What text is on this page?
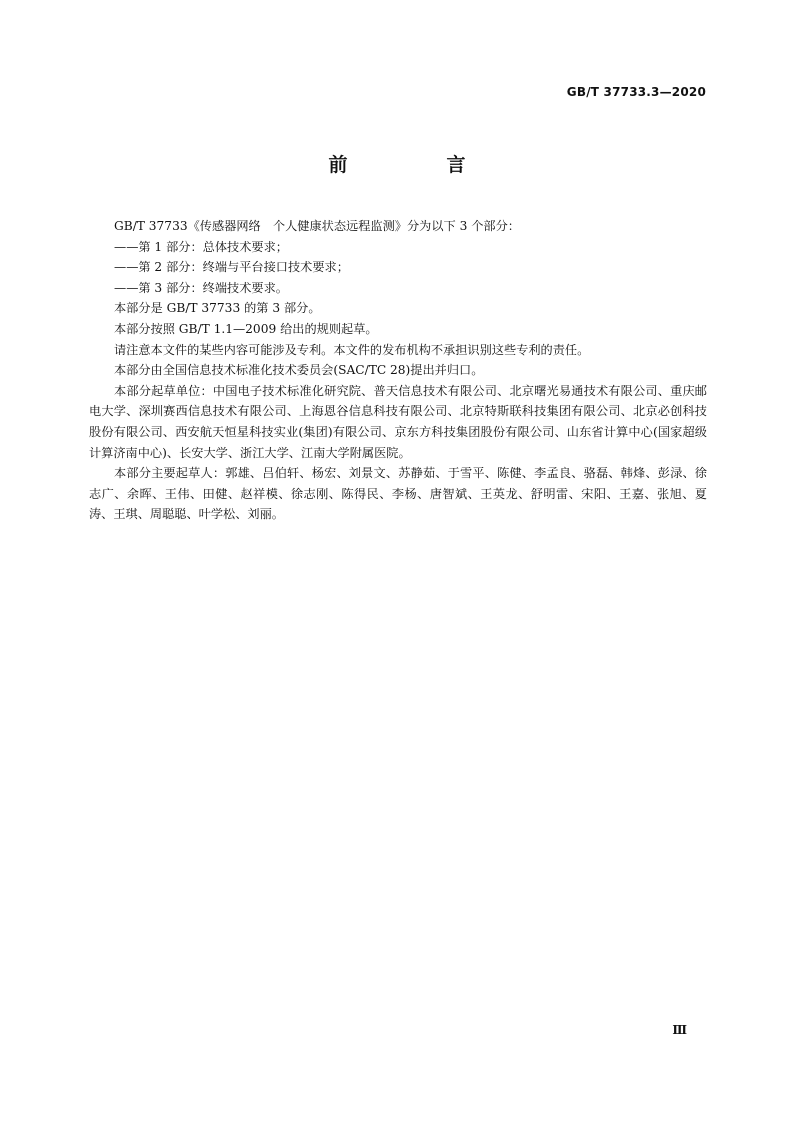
GB/T 37733.3—2020
前　言

GB/T 37733《传感器网络　个人健康状态远程监测》分为以下 3 个部分：

——第 1 部分：总体技术要求；

——第 2 部分：终端与平台接口技术要求；

——第 3 部分：终端技术要求。

本部分是 GB/T 37733 的第 3 部分。

本部分按照 GB/T 1.1—2009 给出的规则起草。

请注意本文件的某些内容可能涉及专利。本文件的发布机构不承担识别这些专利的责任。

本部分由全国信息技术标准化技术委员会(SAC/TC 28)提出并归口。

本部分起草单位：中国电子技术标准化研究院、普天信息技术有限公司、北京曙光易通技术有限公司、重庆邮电大学、深圳赛西信息技术有限公司、上海恩谷信息科技有限公司、北京特斯联科技集团有限公司、北京必创科技股份有限公司、西安航天恒星科技实业(集团)有限公司、京东方科技集团股份有限公司、山东省计算中心(国家超级计算济南中心)、长安大学、浙江大学、江南大学附属医院。

本部分主要起草人：郭雄、吕伯轩、杨宏、刘景文、苏静茹、于雪平、陈健、李孟良、骆磊、韩烽、彭渌、徐志广、余晖、王伟、田健、赵祥模、徐志刚、陈得民、李杨、唐智斌、王英龙、舒明雷、宋阳、王嘉、张旭、夏涛、王琪、周聪聪、叶学松、刘丽。

Ⅲ
